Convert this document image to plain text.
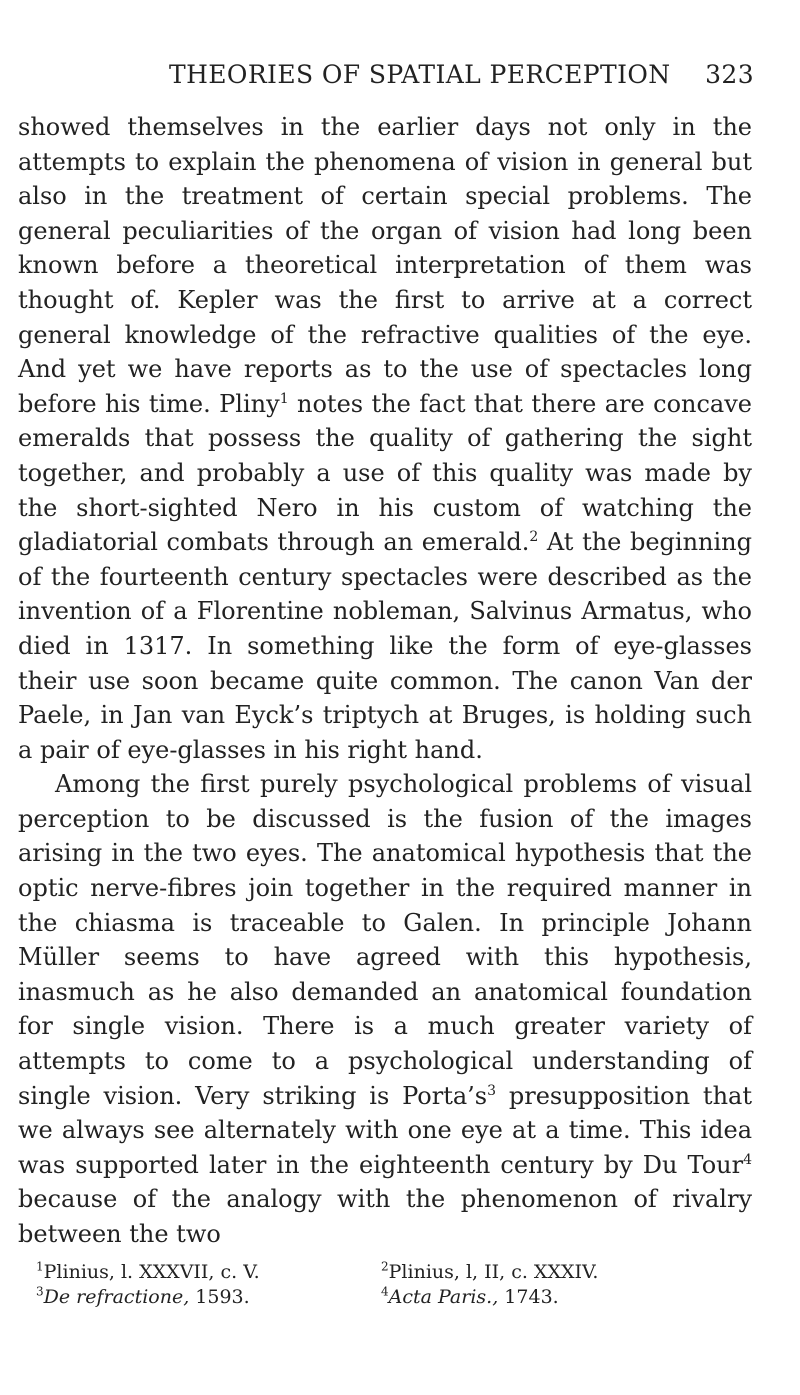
THEORIES OF SPATIAL PERCEPTION 323

showed themselves in the earlier days not only in the attempts to explain the phenomena of vision in general but also in the treatment of certain special problems. The general peculiarities of the organ of vision had long been known before a theoretical interpretation of them was thought of. Kepler was the first to arrive at a correct general knowledge of the refractive qualities of the eye. And yet we have reports as to the use of spectacles long before his time. Pliny$^1$ notes the fact that there are concave emeralds that possess the quality of gathering the sight together, and probably a use of this quality was made by the short-sighted Nero in his custom of watching the gladiatorial combats through an emerald.$^2$ At the beginning of the fourteenth century spectacles were described as the invention of a Florentine nobleman, Salvinus Armatus, who died in 1317. In something like the form of eye-glasses their use soon became quite common. The canon Van der Paele, in Jan van Eyck’s triptych at Bruges, is holding such a pair of eye-glasses in his right hand.

Among the first purely psychological problems of visual perception to be discussed is the fusion of the images arising in the two eyes. The anatomical hypothesis that the optic nerve-fibres join together in the required manner in the chiasma is traceable to Galen. In principle Johann Müller seems to have agreed with this hypothesis, inasmuch as he also demanded an anatomical foundation for single vision. There is a much greater variety of attempts to come to a psychological understanding of single vision. Very striking is $Porta’s^3$ presupposition that we always see alternately with one eye at a time. This idea was supported later in the eighteenth century by Du Tour$^4$ because of the analogy with the phenomenon of rivalry between the two

$^1$Plinius, l. XXXVII, c. V.	$^2$Plinius, l, II, c. XXXIV.
$^3$De refractione, 1593.	$^4$Acta Paris., 1743.
